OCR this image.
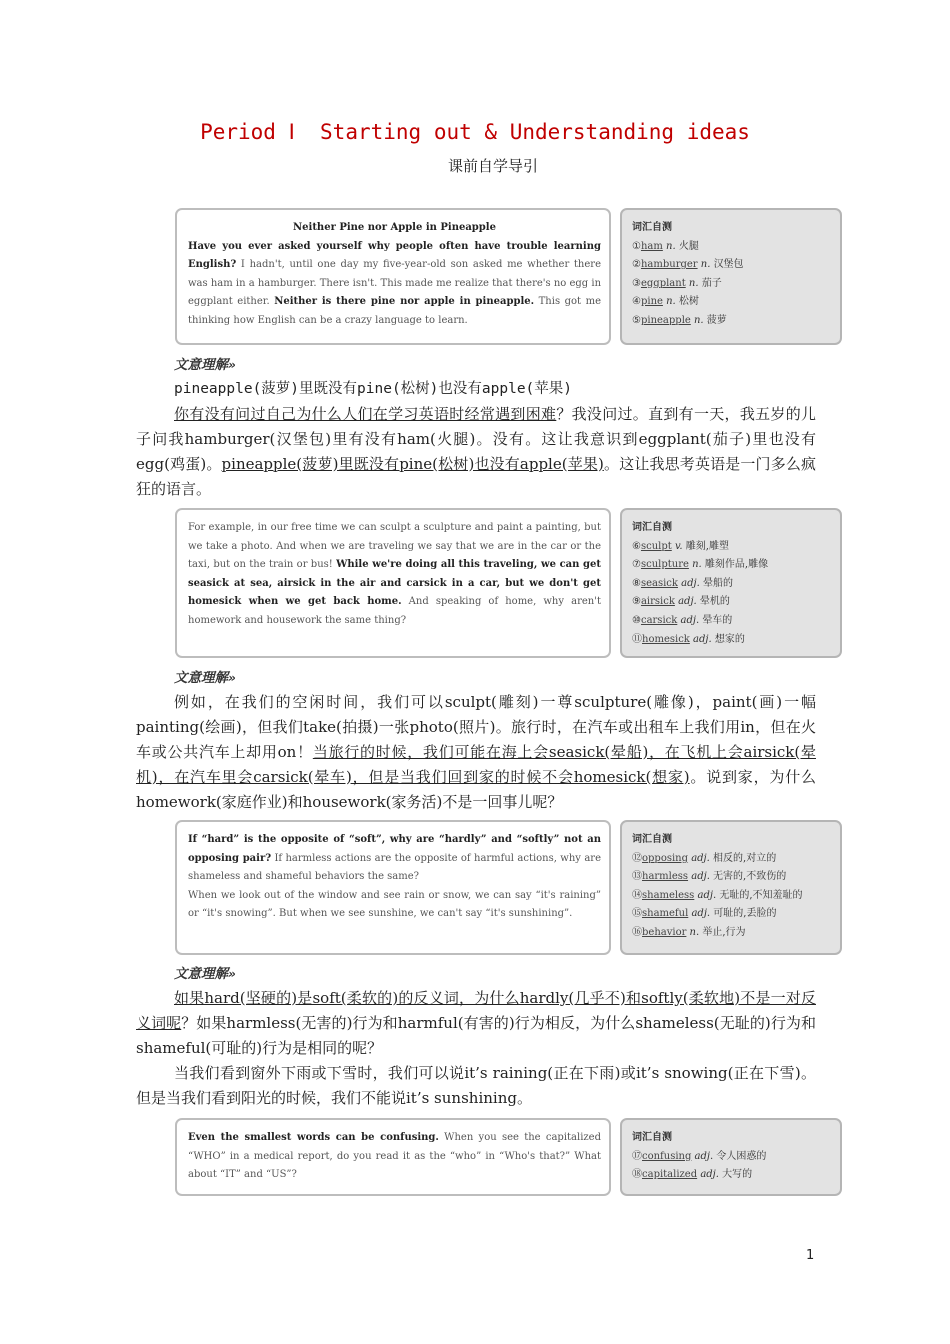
Period Ⅰ  Starting out & Understanding ideas
课前自学导引
Neither Pine nor Apple in Pineapple

Have you ever asked yourself why people often have trouble learning English? I hadn't, until one day my five-year-old son asked me whether there was ham in a hamburger. There isn't. This made me realize that there's no egg in eggplant either. Neither is there pine nor apple in pineapple. This got me thinking how English can be a crazy language to learn.

词汇自测
①ham n. 火腿
②hamburger n. 汉堡包
③eggplant n. 茄子
④pine n. 松树
⑤pineapple n. 菠萝
文意理解»

pineapple(菠萝)里既没有pine(松树)也没有apple(苹果)

你有没有问过自己为什么人们在学习英语时经常遇到困难？我没问过。直到有一天，我五岁的儿子问我hamburger(汉堡包)里有没有ham(火腿)。没有。这让我意识到eggplant(茄子)里也没有egg(鸡蛋)。pineapple(菠萝)里既没有pine(松树)也没有apple(苹果)。这让我思考英语是一门多么疯狂的语言。

For example, in our free time we can sculpt a sculpture and paint a painting, but we take a photo. And when we are traveling we say that we are in the car or the taxi, but on the train or bus! While we're doing all this traveling, we can get seasick at sea, airsick in the air and carsick in a car, but we don't get homesick when we get back home. And speaking of home, why aren't homework and housework the same thing?

词汇自测
⑥sculpt v. 雕刻,雕塑
⑦sculpture n. 雕刻作品,雕像
⑧seasick adj. 晕船的
⑨airsick adj. 晕机的
⑩carsick adj. 晕车的
⑪homesick adj. 想家的
文意理解»

例如，在我们的空闲时间，我们可以sculpt(雕刻)一尊sculpture(雕像)，paint(画)一幅painting(绘画)，但我们take(拍摄)一张photo(照片)。旅行时，在汽车或出租车上我们用in，但在火车或公共汽车上却用on！当旅行的时候，我们可能在海上会seasick(晕船)，在飞机上会airsick(晕机)，在汽车里会carsick(晕车)，但是当我们回到家的时候不会homesick(想家)。说到家，为什么homework(家庭作业)和housework(家务活)不是一回事儿呢？

If “hard” is the opposite of “soft”, why are “hardly” and “softly” not an opposing pair? If harmless actions are the opposite of harmful actions, why are shameless and shameful behaviors the same?

When we look out of the window and see rain or snow, we can say “it's raining” or “it's snowing”. But when we see sunshine, we can't say “it's sunshining”.

词汇自测
⑫opposing adj. 相反的,对立的
⑬harmless adj. 无害的,不致伤的
⑭shameless adj. 无耻的,不知羞耻的
⑮shameful adj. 可耻的,丢脸的
⑯behavior n. 举止,行为
文意理解»

如果hard(坚硬的)是soft(柔软的)的反义词，为什么hardly(几乎不)和softly(柔软地)不是一对反义词呢？如果harmless(无害的)行为和harmful(有害的)行为相反，为什么shameless(无耻的)行为和shameful(可耻的)行为是相同的呢？

当我们看到窗外下雨或下雪时，我们可以说it’s raining(正在下雨)或it’s snowing(正在下雪)。但是当我们看到阳光的时候，我们不能说it’s sunshining。

Even the smallest words can be confusing. When you see the capitalized “WHO” in a medical report, do you read it as the “who” in “Who's that?” What about “IT” and “US”?

词汇自测
⑰confusing adj. 令人困惑的
⑱capitalized adj. 大写的
1
